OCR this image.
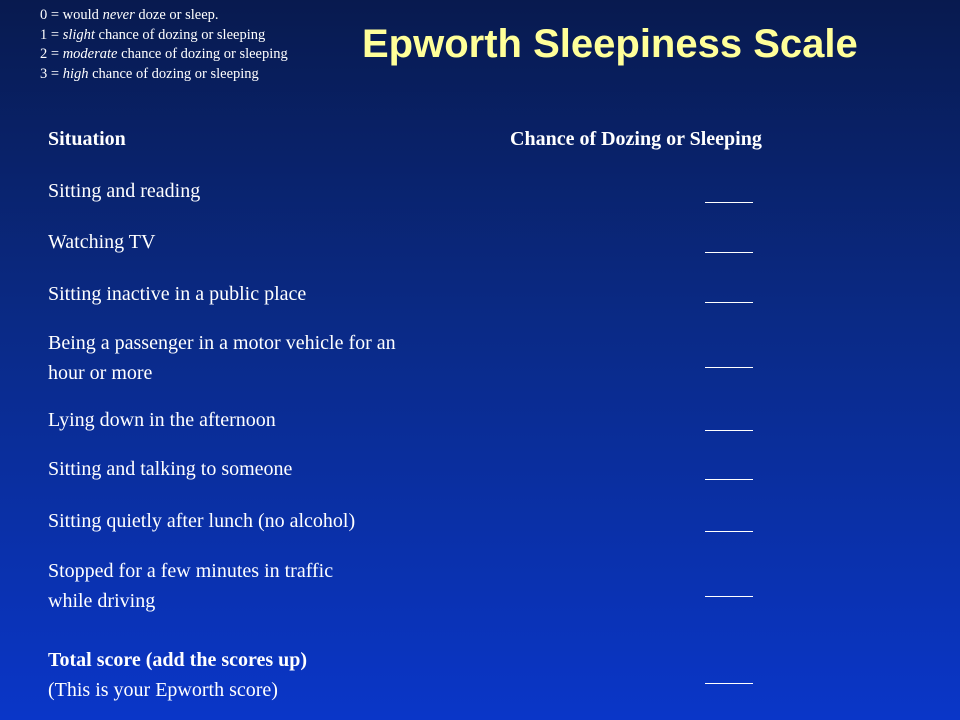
0 = would never doze or sleep.
1 = slight chance of dozing or sleeping
2 = moderate chance of dozing or sleeping
3 = high chance of dozing or sleeping
Epworth Sleepiness Scale
Situation	Chance of Dozing or Sleeping
Sitting and reading
Watching TV
Sitting inactive in a public place
Being a passenger in a motor vehicle for an
hour or more
Lying down in the afternoon
Sitting and talking to someone
Sitting quietly after lunch (no alcohol)
Stopped for a few minutes in traffic
while driving
Total score (add the scores up)
(This is your Epworth score)
